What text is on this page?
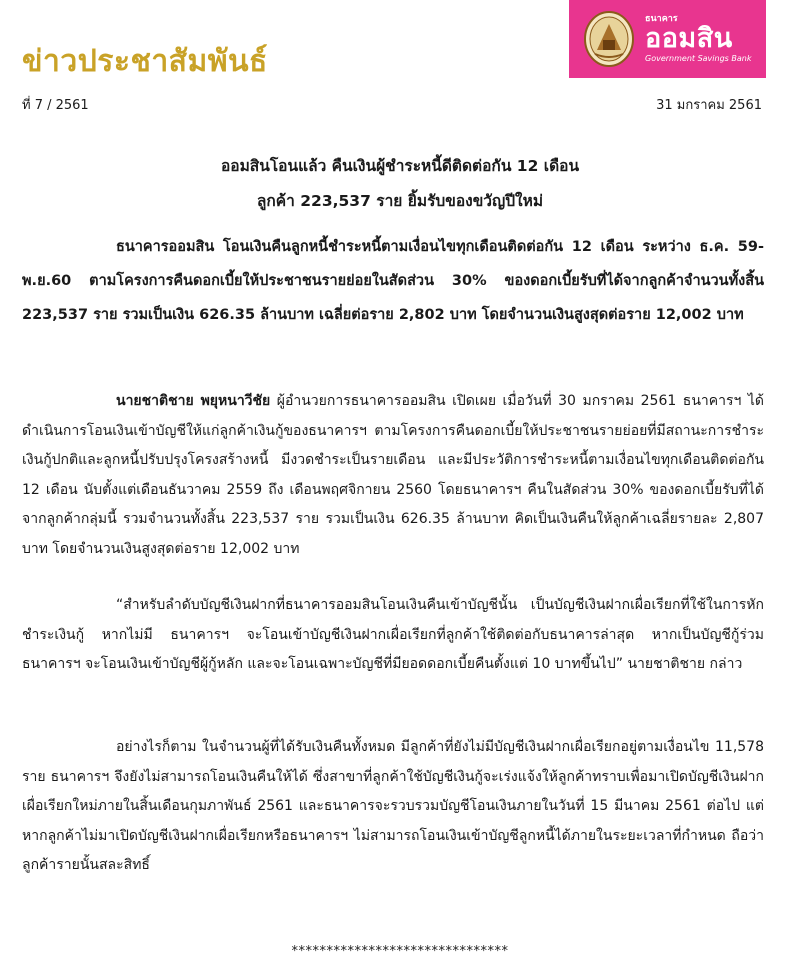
ข่าวประชาสัมพันธ์
ธนาคาร
ออมสิน
Government Savings Bank
ที่ 7 / 2561	31 มกราคม 2561
ออมสินโอนแล้ว คืนเงินผู้ชำระหนี้ดีติดต่อกัน 12 เดือน
ลูกค้า 223,537 ราย ยิ้มรับของขวัญปีใหม่

ธนาคารออมสิน โอนเงินคืนลูกหนี้ชำระหนี้ตามเงื่อนไขทุกเดือนติดต่อกัน 12 เดือน ระหว่าง ธ.ค. 59-พ.ย.60 ตามโครงการคืนดอกเบี้ยให้ประชาชนรายย่อยในสัดส่วน 30% ของดอกเบี้ยรับที่ได้จากลูกค้าจำนวนทั้งสิ้น 223,537 ราย รวมเป็นเงิน 626.35 ล้านบาท เฉลี่ยต่อราย 2,802 บาท โดยจำนวนเงินสูงสุดต่อราย 12,002 บาท

นายชาติชาย พยุหนาวีชัย ผู้อำนวยการธนาคารออมสิน เปิดเผย เมื่อวันที่ 30 มกราคม 2561 ธนาคารฯ ได้ดำเนินการโอนเงินเข้าบัญชีให้แก่ลูกค้าเงินกู้ของธนาคารฯ ตามโครงการคืนดอกเบี้ยให้ประชาชนรายย่อยที่มีสถานะการชำระเงินกู้ปกติและลูกหนี้ปรับปรุงโครงสร้างหนี้ มีงวดชำระเป็นรายเดือน และมีประวัติการชำระหนี้ตามเงื่อนไขทุกเดือนติดต่อกัน 12 เดือน นับตั้งแต่เดือนธันวาคม 2559 ถึง เดือนพฤศจิกายน 2560 โดยธนาคารฯ คืนในสัดส่วน 30% ของดอกเบี้ยรับที่ได้จากลูกค้ากลุ่มนี้ รวมจำนวนทั้งสิ้น 223,537 ราย รวมเป็นเงิน 626.35 ล้านบาท คิดเป็นเงินคืนให้ลูกค้าเฉลี่ยรายละ 2,807 บาท โดยจำนวนเงินสูงสุดต่อราย 12,002 บาท

“สำหรับลำดับบัญชีเงินฝากที่ธนาคารออมสินโอนเงินคืนเข้าบัญชีนั้น เป็นบัญชีเงินฝากเผื่อเรียกที่ใช้ในการหักชำระเงินกู้ หากไม่มี ธนาคารฯ จะโอนเข้าบัญชีเงินฝากเผื่อเรียกที่ลูกค้าใช้ติดต่อกับธนาคารล่าสุด หากเป็นบัญชีกู้ร่วม ธนาคารฯ จะโอนเงินเข้าบัญชีผู้กู้หลัก และจะโอนเฉพาะบัญชีที่มียอดดอกเบี้ยคืนตั้งแต่ 10 บาทขึ้นไป” นายชาติชาย กล่าว

อย่างไรก็ตาม ในจำนวนผู้ที่ได้รับเงินคืนทั้งหมด มีลูกค้าที่ยังไม่มีบัญชีเงินฝากเผื่อเรียกอยู่ตามเงื่อนไข 11,578 ราย ธนาคารฯ จึงยังไม่สามารถโอนเงินคืนให้ได้ ซึ่งสาขาที่ลูกค้าใช้บัญชีเงินกู้จะเร่งแจ้งให้ลูกค้าทราบเพื่อมาเปิดบัญชีเงินฝากเผื่อเรียกใหม่ภายในสิ้นเดือนกุมภาพันธ์ 2561 และธนาคารจะรวบรวมบัญชีโอนเงินภายในวันที่ 15 มีนาคม 2561 ต่อไป แต่หากลูกค้าไม่มาเปิดบัญชีเงินฝากเผื่อเรียกหรือธนาคารฯ ไม่สามารถโอนเงินเข้าบัญชีลูกหนี้ได้ภายในระยะเวลาที่กำหนด ถือว่าลูกค้ารายนั้นสละสิทธิ์

*******************************
